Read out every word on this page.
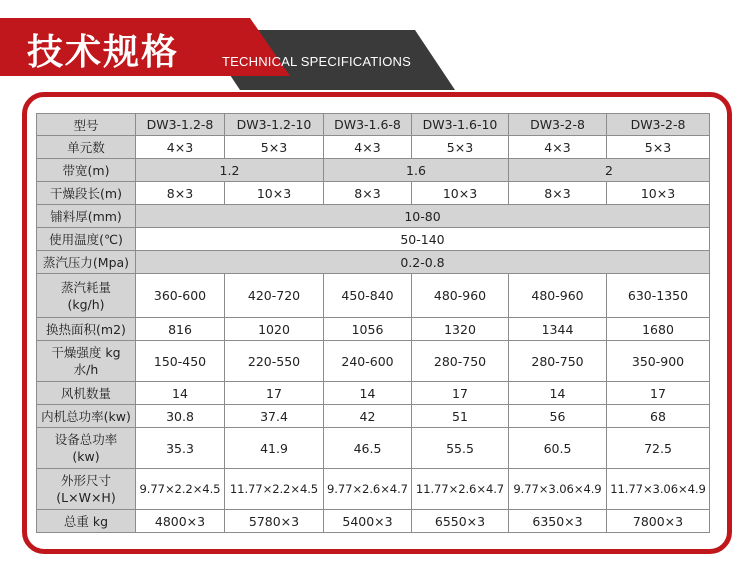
技术规格	TECHNICAL SPECIFICATIONS
型号	DW3-1.2-8	DW3-1.2-10	DW3-1.6-8	DW3-1.6-10	DW3-2-8	DW3-2-8
单元数	4×3	5×3	4×3	5×3	4×3	5×3
带宽(m)	1.2		1.6		2	
干燥段长(m)	8×3	10×3	8×3	10×3	8×3	10×3
铺料厚(mm)	10-80					
使用温度(℃)	50-140					
蒸汽压力(Mpa)	0.2-0.8					
蒸汽耗量
(kg/h)	360-600	420-720	450-840	480-960	480-960	630-1350
换热面积(m2)	816	1020	1056	1320	1344	1680
干燥强度 kg
水/h	150-450	220-550	240-600	280-750	280-750	350-900
风机数量	14	17	14	17	14	17
内机总功率(kw)	30.8	37.4	42	51	56	68
设备总功率
(kw)	35.3	41.9	46.5	55.5	60.5	72.5
外形尺寸
(L×W×H)	9.77×2.2×4.5	11.77×2.2×4.5	9.77×2.6×4.7	11.77×2.6×4.7	9.77×3.06×4.9	11.77×3.06×4.9
总重 kg	4800×3	5780×3	5400×3	6550×3	6350×3	7800×3
